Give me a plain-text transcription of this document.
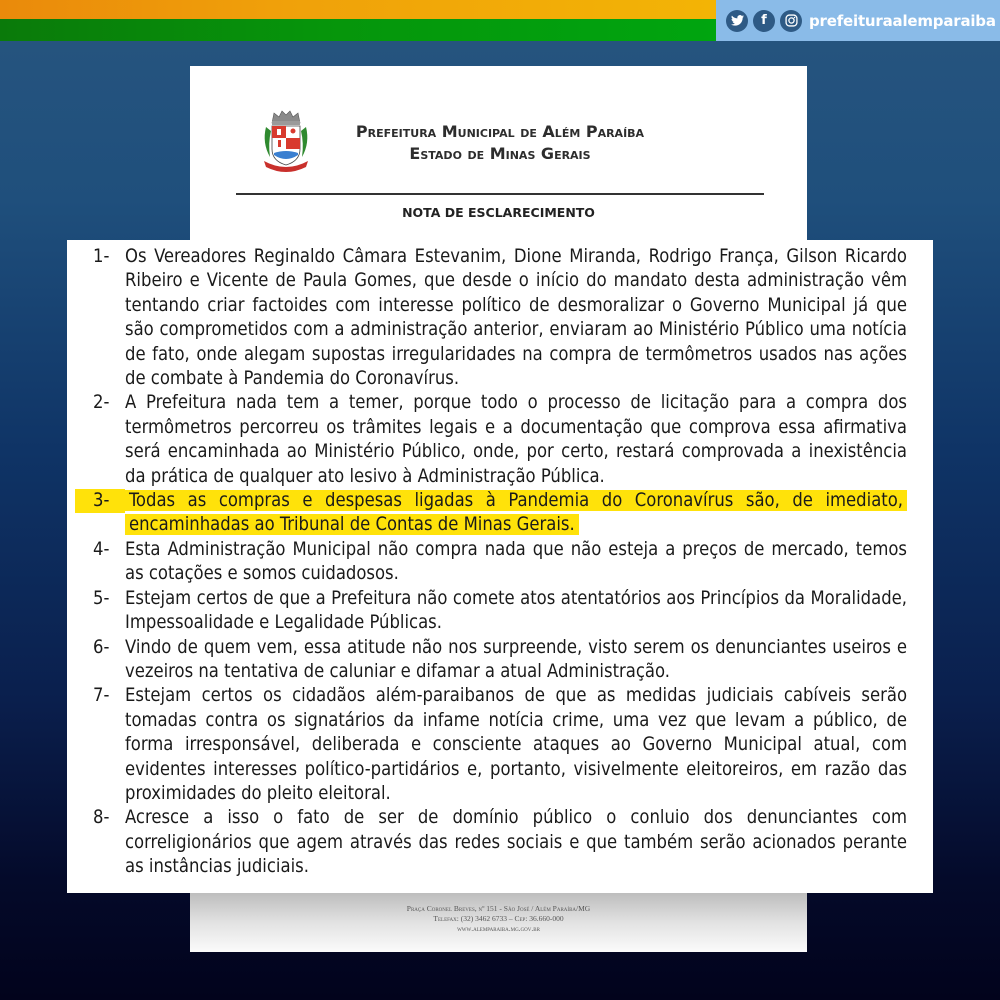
f	prefeituraalemparaiba
Prefeitura Municipal de Além Paraíba
Estado de Minas Gerais
NOTA DE ESCLARECIMENTO
Praça Coronel Breves, nº 151 - São José / Além Paraíba/MG
Telefax: (32) 3462 6733 – Cep: 36.660-000
www.alemparaiba.mg.gov.br
1- Os Vereadores Reginaldo Câmara Estevanim, Dione Miranda, Rodrigo França, Gilson Ricardo Ribeiro e Vicente de Paula Gomes, que desde o início do mandato desta administração vêm tentando criar factoides com interesse político de desmoralizar o Governo Municipal já que são comprometidos com a administração anterior, enviaram ao Ministério Público uma notícia de fato, onde alegam supostas irregularidades na compra de termômetros usados nas ações de combate à Pandemia do Coronavírus.
2- A Prefeitura nada tem a temer, porque todo o processo de licitação para a compra dos termômetros percorreu os trâmites legais e a documentação que comprova essa afirmativa será encaminhada ao Ministério Público, onde, por certo, restará comprovada a inexistência da prática de qualquer ato lesivo à Administração Pública.
3-	Todas as compras e despesas ligadas à Pandemia do Coronavírus são, de imediato, encaminhadas ao Tribunal de Contas de Minas Gerais.
4- Esta Administração Municipal não compra nada que não esteja a preços de mercado, temos as cotações e somos cuidadosos.
5- Estejam certos de que a Prefeitura não comete atos atentatórios aos Princípios da Moralidade, Impessoalidade e Legalidade Públicas.
6- Vindo de quem vem, essa atitude não nos surpreende, visto serem os denunciantes useiros e vezeiros na tentativa de caluniar e difamar a atual Administração.
7- Estejam certos os cidadãos além-paraibanos de que as medidas judiciais cabíveis serão tomadas contra os signatários da infame notícia crime, uma vez que levam a público, de forma irresponsável, deliberada e consciente ataques ao Governo Municipal atual, com evidentes interesses político-partidários e, portanto, visivelmente eleitoreiros, em razão das proximidades do pleito eleitoral.
8- Acresce a isso o fato de ser de domínio público o conluio dos denunciantes com correligionários que agem através das redes sociais e que também serão acionados perante as instâncias judiciais.
